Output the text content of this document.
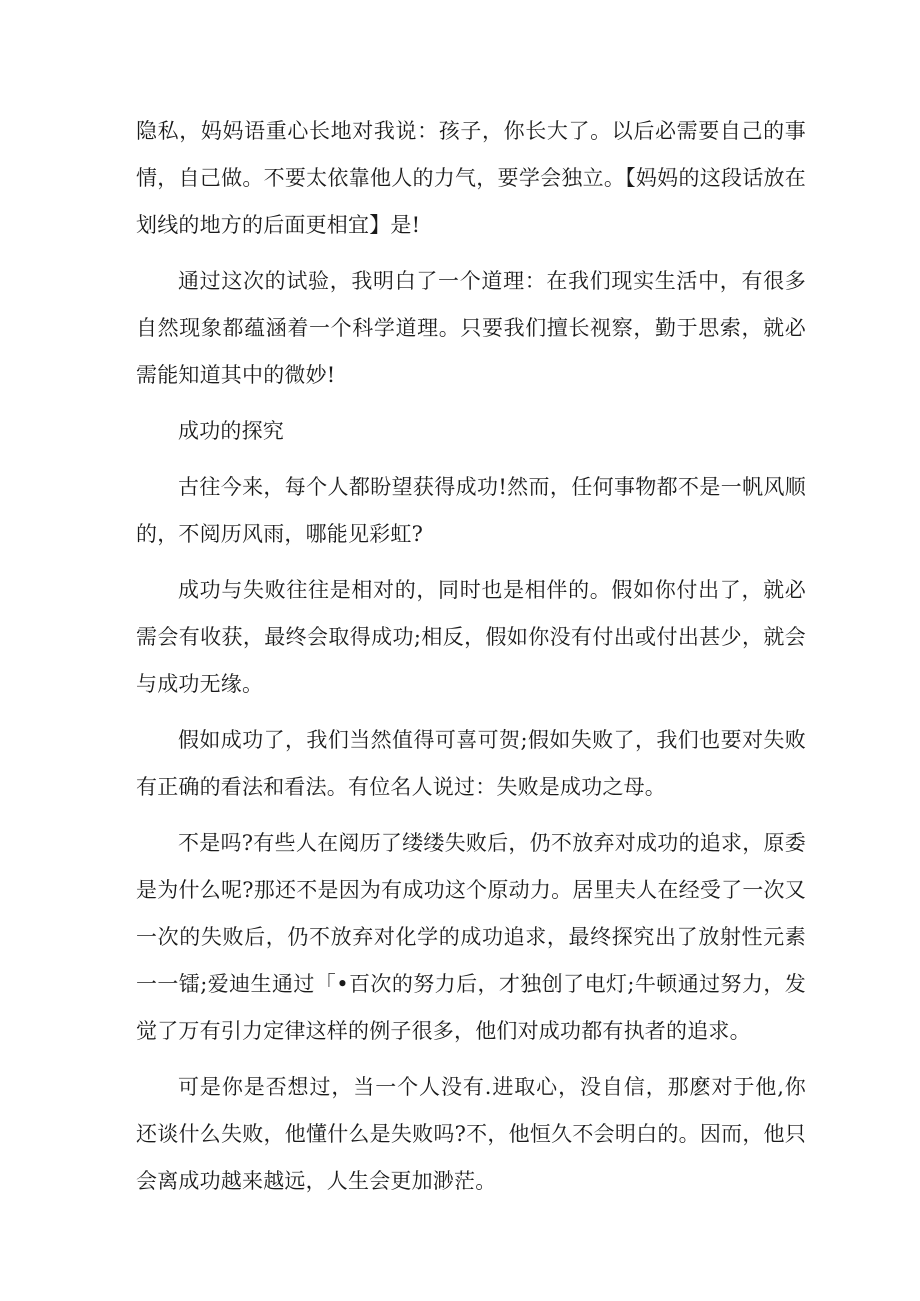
隐私，妈妈语重心长地对我说：孩子，你长大了。以后必需要自己的事情，自己做。不要太依靠他人的力气，要学会独立。【妈妈的这段话放在划线的地方的后面更相宜】是!

通过这次的试验，我明白了一个道理：在我们现实生活中，有很多自然现象都蕴涵着一个科学道理。只要我们擅长视察，勤于思索，就必需能知道其中的微妙!

成功的探究

古往今来，每个人都盼望获得成功!然而，任何事物都不是一帆风顺的，不阅历风雨，哪能见彩虹?

成功与失败往往是相对的，同时也是相伴的。假如你付出了，就必需会有收获，最终会取得成功;相反，假如你没有付出或付出甚少，就会与成功无缘。

假如成功了，我们当然值得可喜可贺;假如失败了，我们也要对失败有正确的看法和看法。有位名人说过：失败是成功之母。

不是吗?有些人在阅历了缕缕失败后，仍不放弃对成功的追求，原委是为什么呢?那还不是因为有成功这个原动力。居里夫人在经受了一次又一次的失败后，仍不放弃对化学的成功追求，最终探究出了放射性元素一一镭;爱迪生通过「•百次的努力后，才独创了电灯;牛顿通过努力，发觉了万有引力定律这样的例子很多，他们对成功都有执者的追求。

可是你是否想过，当一个人没有.进取心，没自信，那麽对于他,你还谈什么失败，他懂什么是失败吗?不，他恒久不会明白的。因而，他只会离成功越来越远，人生会更加渺茫。
